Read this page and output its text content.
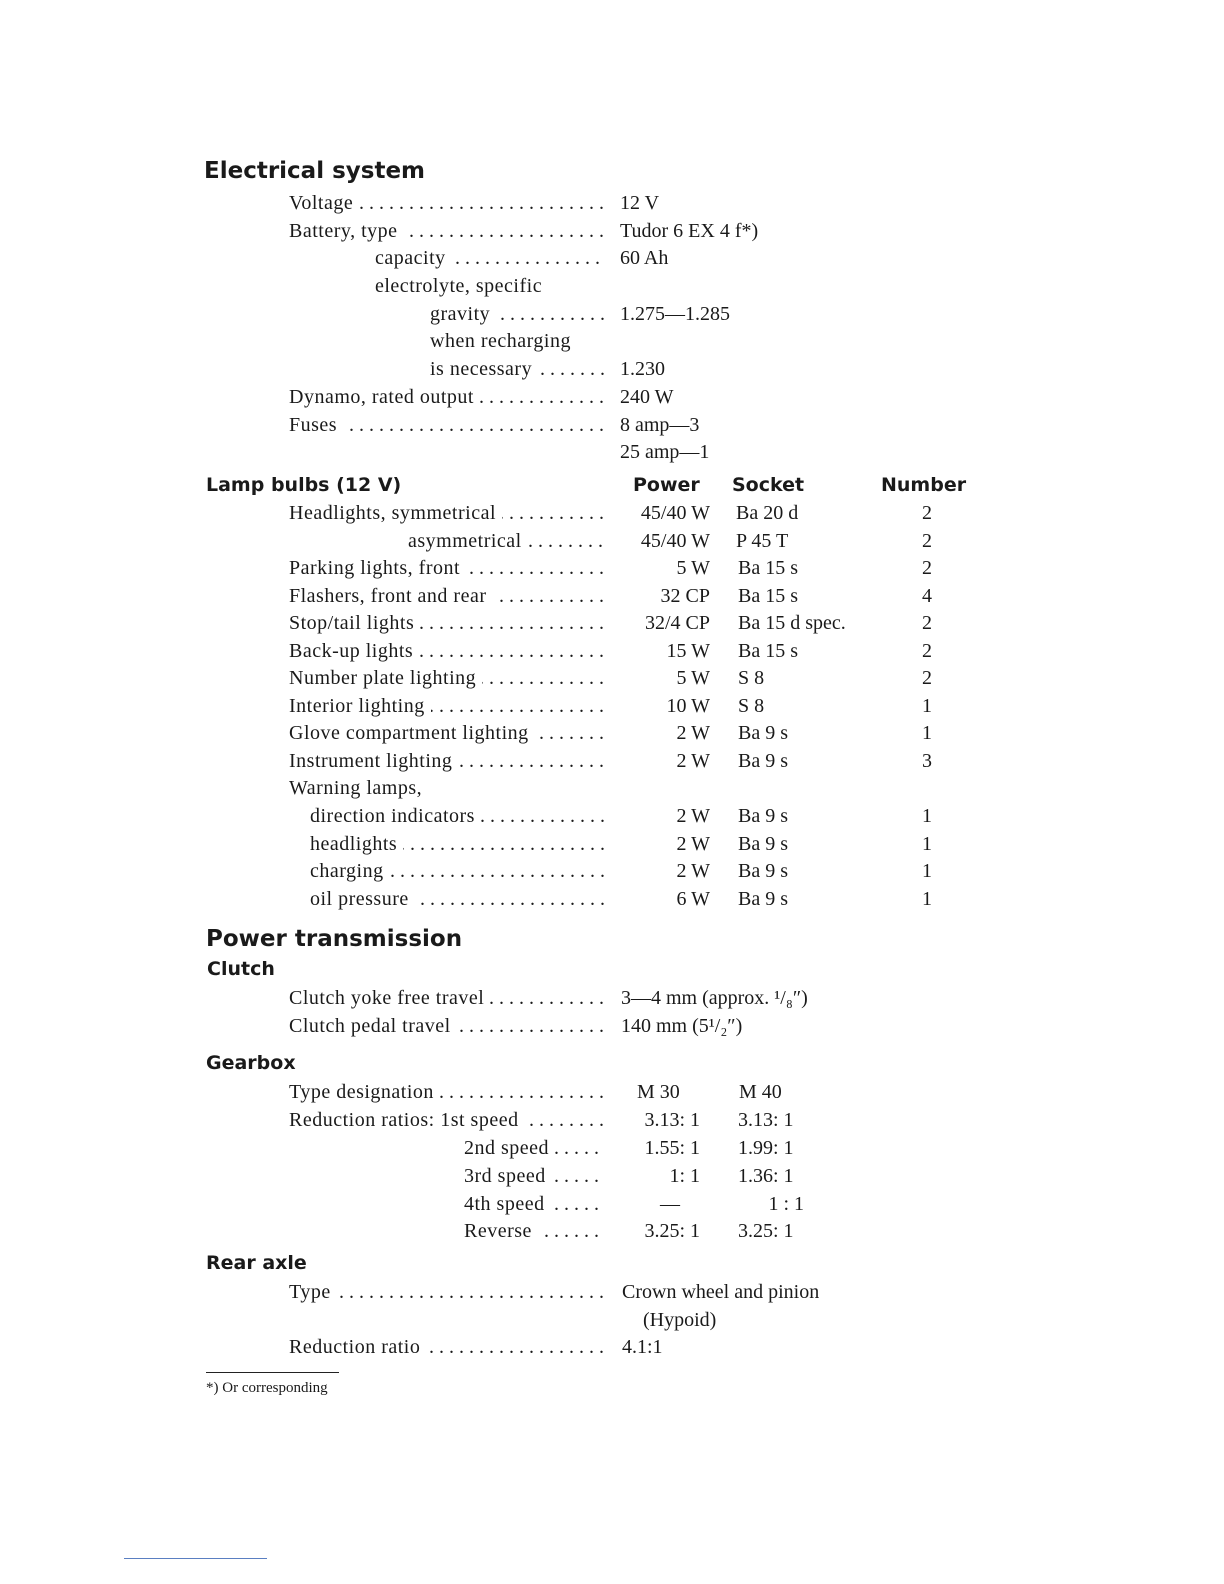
Electrical system
Voltage . . .	12 V
Battery, type . . .	Tudor 6 EX 4 f*)
capacity . . .	60 Ah
electrolyte, specific
gravity . . .	1.275—1.285
when recharging
is necessary . . .	1.230
Dynamo, rated output . . .	240 W
Fuses . . .	8 amp—3
25 amp—1
Lamp bulbs (12 V)	Power Socket	Number
Headlights, symmetrical . . .	45/40 W Ba 20 d	2
asymmetrical . . .	45/40 W P 45 T	2
Parking lights, front . . .	5 W Ba 15 s	2
Flashers, front and rear . . .	32 CP Ba 15 s	4
Stop/tail lights . . .	32/4 CP Ba 15 d spec.	2
Back-up lights . . .	15 W Ba 15 s	2
Number plate lighting . . .	5 W S 8	2
Interior lighting . . .	10 W S 8	1
Glove compartment lighting . . .	2 W Ba 9 s	1
Instrument lighting . . .	2 W Ba 9 s	3
Warning lamps,
direction indicators . . .	2 W Ba 9 s	1
headlights . . .	2 W Ba 9 s	1
charging . . .	2 W Ba 9 s	1
oil pressure . . .	6 W Ba 9 s	1
Power transmission
Clutch
Clutch yoke free travel . . .	3—4 mm (approx. ¹/₈″)
Clutch pedal travel . . .	140 mm (5¹/₂″)
Gearbox
Type designation . . .	M 30	M 40
Reduction ratios: 1st speed . . .	3.13: 1 3.13: 1
2nd speed . . .	1.55: 1 1.99: 1
3rd speed . . .	1: 1 1.36: 1
4th speed . . .	—	1 : 1
Reverse . . .	3.25: 1 3.25: 1
Rear axle
Type . . .	Crown wheel and pinion
(Hypoid)
Reduction ratio . . .	4.1:1
*) Or corresponding
